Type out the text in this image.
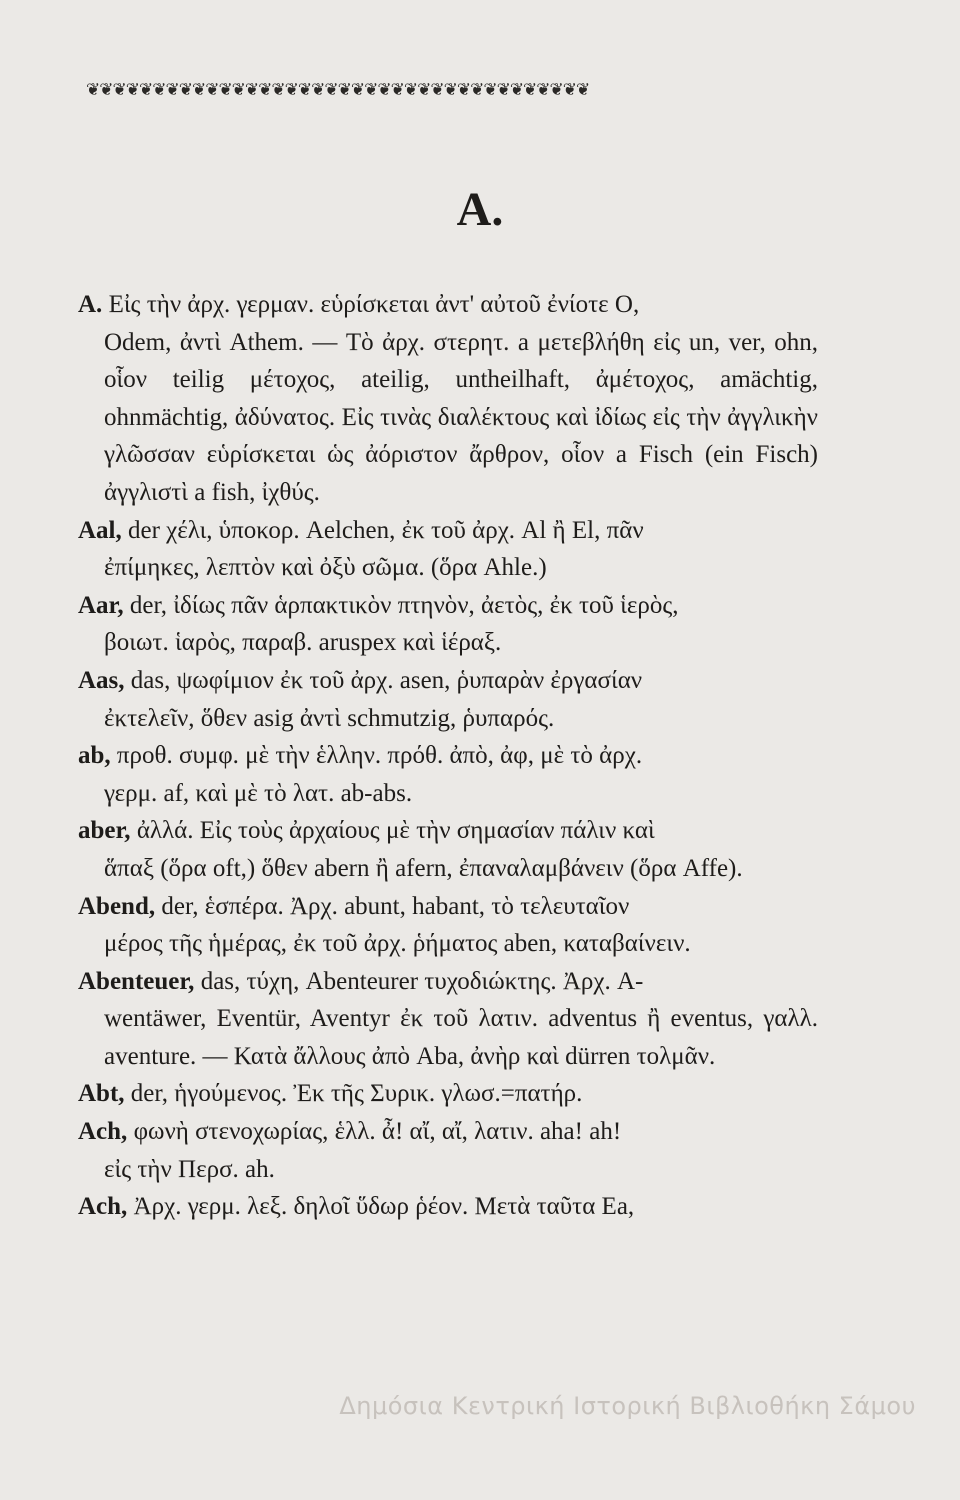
❦❦❦❦❦❦❦❦❦❦❦❦❦❦❦❦❦❦❦❦❦❦❦❦❦❦❦❦❦❦❦❦❦❦❦❦❦❦
A.

A. Εἰς τὴν ἀρχ. γερμαν. εὑρίσκεται ἀντ' αὐτοῦ ἐνίοτε O,
Odem, ἀντὶ Athem. — Τὸ ἀρχ. στερητ. a μετεβλήθη εἰς un, ver, ohn, οἷον teilig μέτοχος, ateilig, untheilhaft, ἀμέτοχος, amächtig, ohnmächtig, ἀδύνατος. Εἰς τινὰς διαλέκτους καὶ ἰδίως εἰς τὴν ἀγγλικὴν γλῶσσαν εὑρίσκεται ὡς ἀόριστον ἄρθρον, οἷον a Fisch (ein Fisch) ἀγγλιστὶ a fish, ἰχθύς.

Aal, der χέλι, ὑποκορ. Aelchen, ἐκ τοῦ ἀρχ. Al ἢ El, πᾶν
ἐπίμηκες, λεπτὸν καὶ ὀξὺ σῶμα. (ὅρα Ahle.)

Aar, der, ἰδίως πᾶν ἁρπακτικὸν πτηνὸν, ἀετὸς, ἐκ τοῦ ἱερὸς,
βοιωτ. ἱαρὸς, παραβ. aruspex καὶ ἱέραξ.

Aas, das, ψωφίμιον ἐκ τοῦ ἀρχ. asen, ῥυπαρὰν ἐργασίαν
ἐκτελεῖν, ὅθεν asig ἀντὶ schmutzig, ῥυπαρός.

ab, προθ. συμφ. μὲ τὴν ἑλλην. πρόθ. ἀπὸ, ἀφ, μὲ τὸ ἀρχ.
γερμ. af, καὶ μὲ τὸ λατ. ab-abs.

aber, ἀλλά. Εἰς τοὺς ἀρχαίους μὲ τὴν σημασίαν πάλιν καὶ
ἅπαξ (ὅρα oft,) ὅθεν abern ἢ afern, ἐπαναλαμβάνειν (ὅρα Affe).

Abend, der, ἑσπέρα. Ἀρχ. abunt, habant, τὸ τελευταῖον
μέρος τῆς ἡμέρας, ἐκ τοῦ ἀρχ. ῥήματος aben, καταβαίνειν.

Abenteuer, das, τύχη, Abenteurer τυχοδιώκτης. Ἀρχ. A-
wentäwer, Eventür, Aventyr ἐκ τοῦ λατιν. adventus ἢ eventus, γαλλ. aventure. — Κατὰ ἄλλους ἀπὸ Aba, ἀνὴρ καὶ dürren τολμᾶν.

Abt, der, ἡγούμενος. Ἐκ τῆς Συρικ. γλωσ.=πατήρ.

Ach, φωνὴ στενοχωρίας, ἑλλ. ἆ! αἴ, αἴ, λατιν. aha! ah!
εἰς τὴν Περσ. ah.

Ach, Ἀρχ. γερμ. λεξ. δηλοῖ ὕδωρ ῥέον. Μετὰ ταῦτα Ea,

Δημόσια Κεντρική Ιστορική Βιβλιοθήκη Σάμου
